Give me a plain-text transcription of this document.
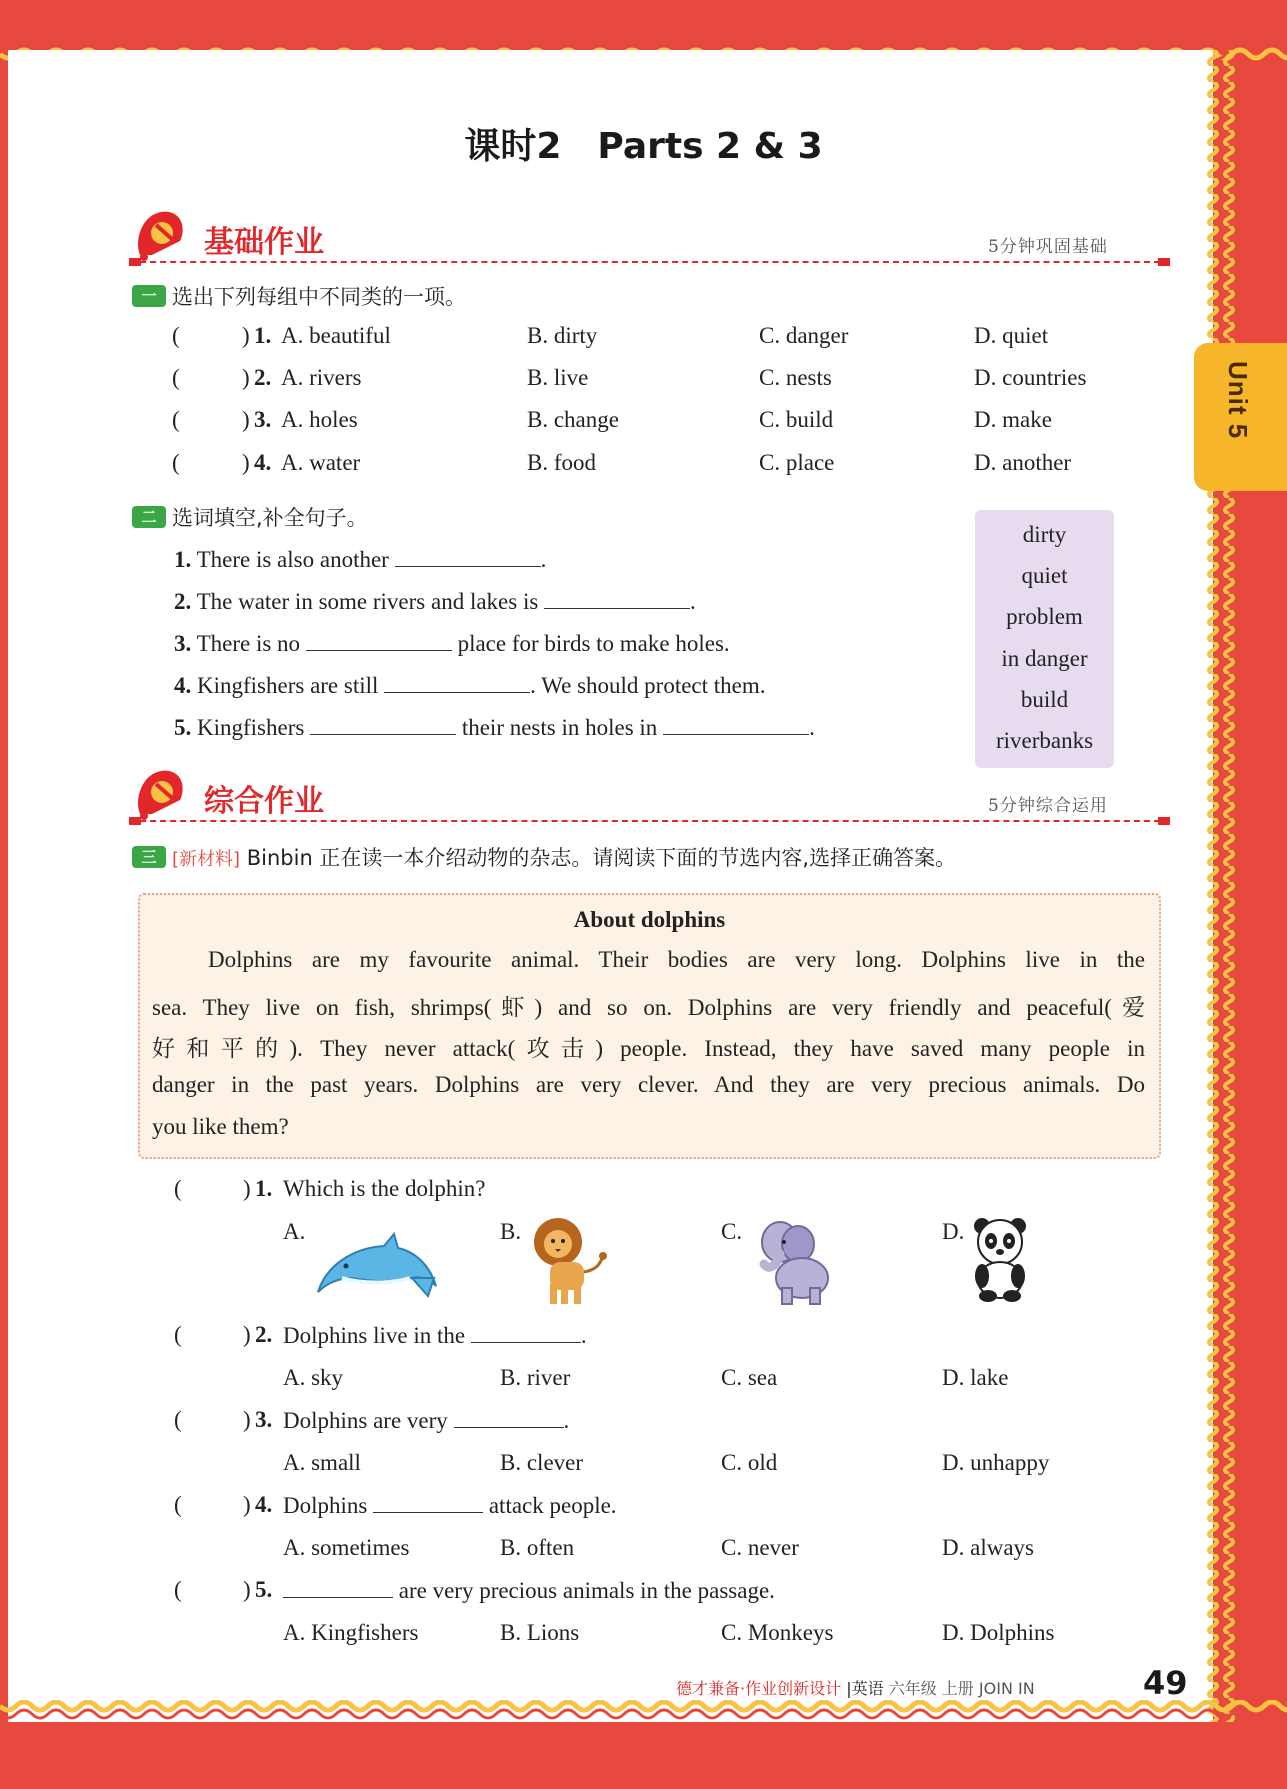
Unit 5
课时2 Parts 2 & 3
基础作业	5分钟巩固基础
一 选出下列每组中不同类的一项。
(	) 1. A. beautiful	B. dirty	C. danger	D. quiet
(	) 2. A. rivers	B. live	C. nests	D. countries
(	) 3. A. holes	B. change	C. build	D. make
(	) 4. A. water	B. food	C. place	D. another
二 选词填空,补全句子。
1. There is also another	.
2. The water in some rivers and lakes is	.
3. There is no	place for birds to make holes.
4. Kingfishers are still	. We should protect them.
5. Kingfishers	their nests in holes in	.
dirty
quiet
problem
in danger
build
riverbanks
综合作业	5分钟综合运用
三 [新材料] Binbin 正在读一本介绍动物的杂志。请阅读下面的节选内容,选择正确答案。
About dolphins
Dolphins are my favourite animal. Their bodies are very long. Dolphins live in the
sea. They live on fish, shrimps(虾) and so on. Dolphins are very friendly and peaceful(爱
好和平的). They never attack(攻击) people. Instead, they have saved many people in
danger in the past years. Dolphins are very clever. And they are very precious animals. Do
you like them?
(	) 1. Which is the dolphin?
A.	B.	C.	D.
(	) 2. Dolphins live in the	.
A. sky	B. river	C. sea	D. lake
(	) 3. Dolphins are very	.
A. small	B. clever	C. old	D. unhappy
(	) 4. Dolphins	attack people.
A. sometimes	B. often	C. never	D. always
(	) 5.	are very precious animals in the passage.
A. Kingfishers	B. Lions	C. Monkeys	D. Dolphins
德才兼备·作业创新设计 |英语 六年级 上册 JOIN IN	49
